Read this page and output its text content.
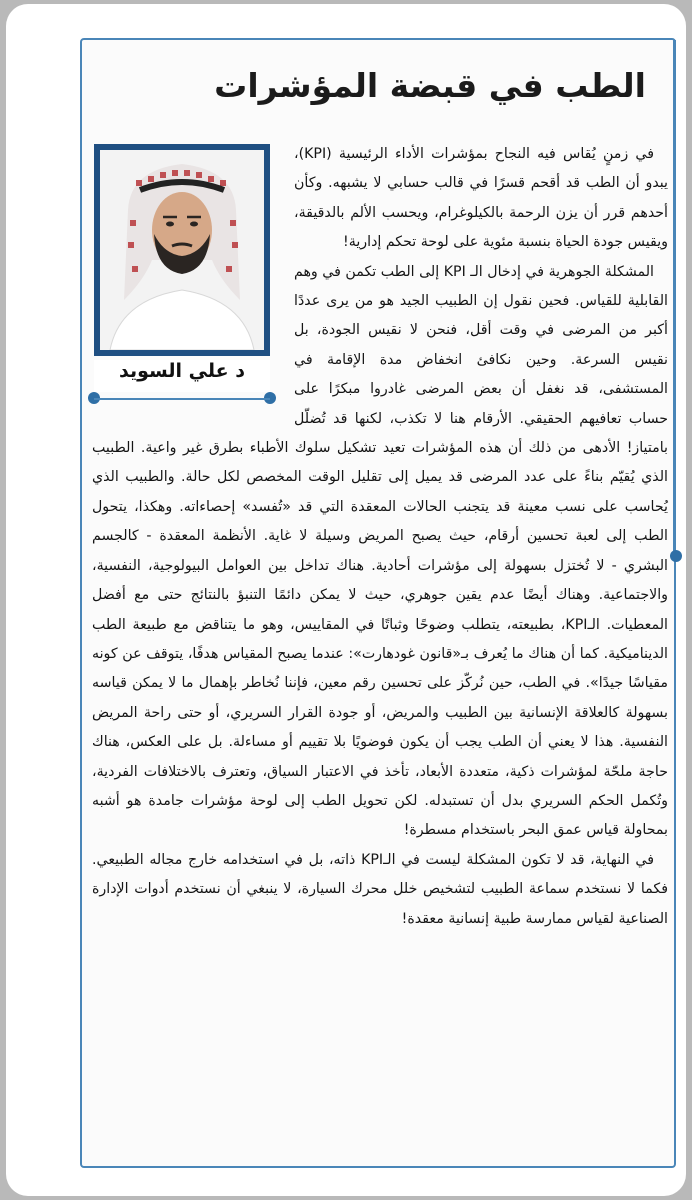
الطب في قبضة المؤشرات
د علي السويد
في زمنٍ يُقاس فيه النجاح بمؤشرات الأداء الرئيسية (KPI)، يبدو أن الطب قد أقحم قسرًا في قالب حسابي لا يشبهه. وكأن أحدهم قرر أن يزن الرحمة بالكيلوغرام، ويحسب الألم بالدقيقة، ويقيس جودة الحياة بنسبة مئوية على لوحة تحكم إدارية!
المشكلة الجوهرية في إدخال الـ KPI إلى الطب تكمن في وهم القابلية للقياس. فحين نقول إن الطبيب الجيد هو من يرى عددًا أكبر من المرضى في وقت أقل، فنحن لا نقيس الجودة، بل نقيس السرعة. وحين نكافئ انخفاض مدة الإقامة في المستشفى، قد نغفل أن بعض المرضى غادروا مبكرًا على حساب تعافيهم الحقيقي. الأرقام هنا لا تكذب، لكنها قد تُضلّل بامتياز! الأدهى من ذلك أن هذه المؤشرات تعيد تشكيل سلوك الأطباء بطرق غير واعية. الطبيب الذي يُقيّم بناءً على عدد المرضى قد يميل إلى تقليل الوقت المخصص لكل حالة. والطبيب الذي يُحاسب على نسب معينة قد يتجنب الحالات المعقدة التي قد «تُفسد» إحصاءاته. وهكذا، يتحول الطب إلى لعبة تحسين أرقام، حيث يصبح المريض وسيلة لا غاية. الأنظمة المعقدة - كالجسم البشري - لا تُختزل بسهولة إلى مؤشرات أحادية. هناك تداخل بين العوامل البيولوجية، النفسية، والاجتماعية. وهناك أيضًا عدم يقين جوهري، حيث لا يمكن دائمًا التنبؤ بالنتائج حتى مع أفضل المعطيات. الـKPI، بطبيعته، يتطلب وضوحًا وثباتًا في المقاييس، وهو ما يتناقض مع طبيعة الطب الديناميكية. كما أن هناك ما يُعرف بـ«قانون غودهارت»: عندما يصبح المقياس هدفًا، يتوقف عن كونه مقياسًا جيدًا». في الطب، حين نُركّز على تحسين رقم معين، فإننا نُخاطر بإهمال ما لا يمكن قياسه بسهولة كالعلاقة الإنسانية بين الطبيب والمريض، أو جودة القرار السريري، أو حتى راحة المريض النفسية. هذا لا يعني أن الطب يجب أن يكون فوضويًا بلا تقييم أو مساءلة. بل على العكس، هناك حاجة ملحّة لمؤشرات ذكية، متعددة الأبعاد، تأخذ في الاعتبار السياق، وتعترف بالاختلافات الفردية، وتُكمل الحكم السريري بدل أن تستبدله. لكن تحويل الطب إلى لوحة مؤشرات جامدة هو أشبه بمحاولة قياس عمق البحر باستخدام مسطرة!
في النهاية، قد لا تكون المشكلة ليست في الـKPI ذاته، بل في استخدامه خارج مجاله الطبيعي. فكما لا نستخدم سماعة الطبيب لتشخيص خلل محرك السيارة، لا ينبغي أن نستخدم أدوات الإدارة الصناعية لقياس ممارسة طبية إنسانية معقدة!
